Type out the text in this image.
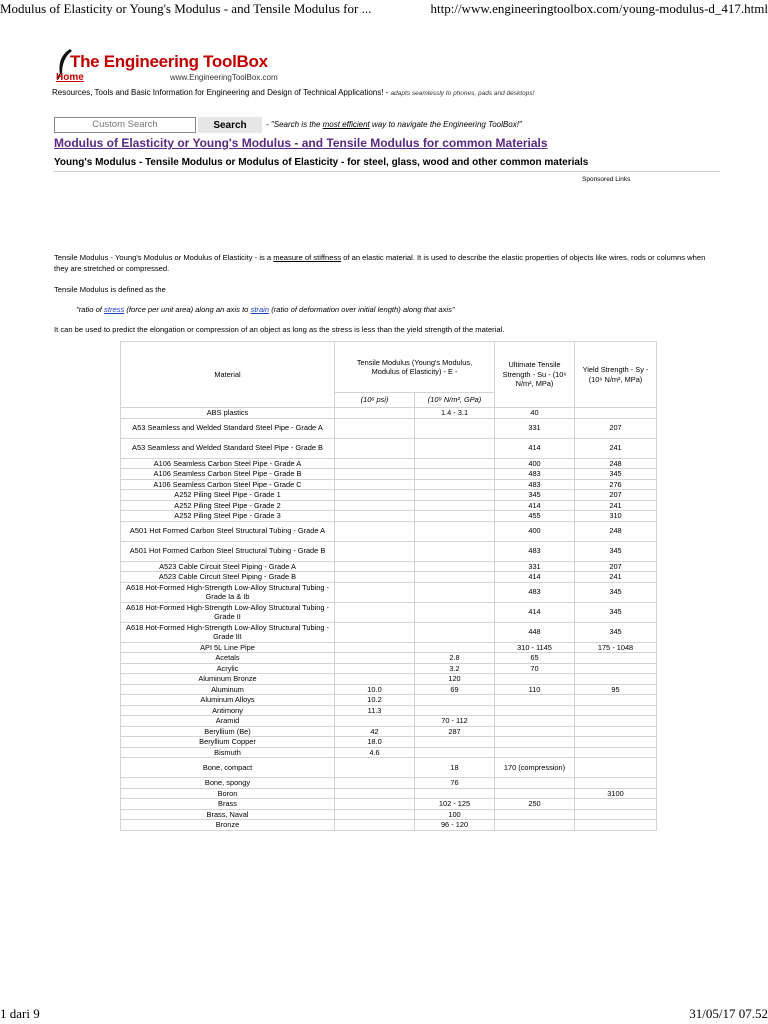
Modulus of Elasticity or Young's Modulus - and Tensile Modulus for ...	http://www.engineeringtoolbox.com/young-modulus-d_417.html
The Engineering ToolBox
Home	www.EngineeringToolBox.com
Resources, Tools and Basic Information for Engineering and Design of Technical Applications! - adapts seamlessly to phones, pads and desktops!
Custom Search	Search	- "Search is the most efficient way to navigate the Engineering ToolBox!"
Modulus of Elasticity or Young's Modulus - and Tensile Modulus for common Materials
Young's Modulus - Tensile Modulus or Modulus of Elasticity - for steel, glass, wood and other common materials
Sponsored Links
Tensile Modulus - Young's Modulus or Modulus of Elasticity - is a measure of stiffness of an elastic material. It is used to describe the elastic properties of objects like wires, rods or columns when they are stretched or compressed.
Tensile Modulus is defined as the
"ratio of stress (force per unit area) along an axis to strain (ratio of deformation over initial length) along that axis"
It can be used to predict the elongation or compression of an object as long as the stress is less than the yield strength of the material.
Material	Tensile Modulus (Young's Modulus, Modulus of Elasticity) - E -		Ultimate Tensile Strength - Su - (10⁶ N/m², MPa)	Yield Strength - Sy - (10⁶ N/m², MPa)
	(10⁶ psi)	(10⁹ N/m², GPa)		
ABS plastics		1.4 - 3.1	40	
A53 Seamless and Welded Standard Steel Pipe - Grade A			331	207
A53 Seamless and Welded Standard Steel Pipe - Grade B			414	241
A106 Seamless Carbon Steel Pipe - Grade A			400	248
A106 Seamless Carbon Steel Pipe - Grade B			483	345
A106 Seamless Carbon Steel Pipe - Grade C			483	276
A252 Piling Steel Pipe - Grade 1			345	207
A252 Piling Steel Pipe - Grade 2			414	241
A252 Piling Steel Pipe - Grade 3			455	310
A501 Hot Formed Carbon Steel Structural Tubing - Grade A			400	248
A501 Hot Formed Carbon Steel Structural Tubing - Grade B			483	345
A523 Cable Circuit Steel Piping - Grade A			331	207
A523 Cable Circuit Steel Piping - Grade B			414	241
A618 Hot-Formed High-Strength Low-Alloy Structural Tubing - Grade Ia & Ib			483	345
A618 Hot-Formed High-Strength Low-Alloy Structural Tubing - Grade II			414	345
A618 Hot-Formed High-Strength Low-Alloy Structural Tubing - Grade III			448	345
API 5L Line Pipe			310 - 1145	175 - 1048
Acetals		2.8	65	
Acrylic		3.2	70	
Aluminum Bronze		120		
Aluminum	10.0	69	110	95
Aluminum Alloys	10.2			
Antimony	11.3			
Aramid		70 - 112		
Beryllium (Be)	42	287		
Beryllium Copper	18.0			
Bismuth	4.6			
Bone, compact		18	170 (compression)	
Bone, spongy		76		
Boron				3100
Brass		102 - 125	250	
Brass, Naval		100		
Bronze		96 - 120		
1 dari 9	31/05/17 07.52
